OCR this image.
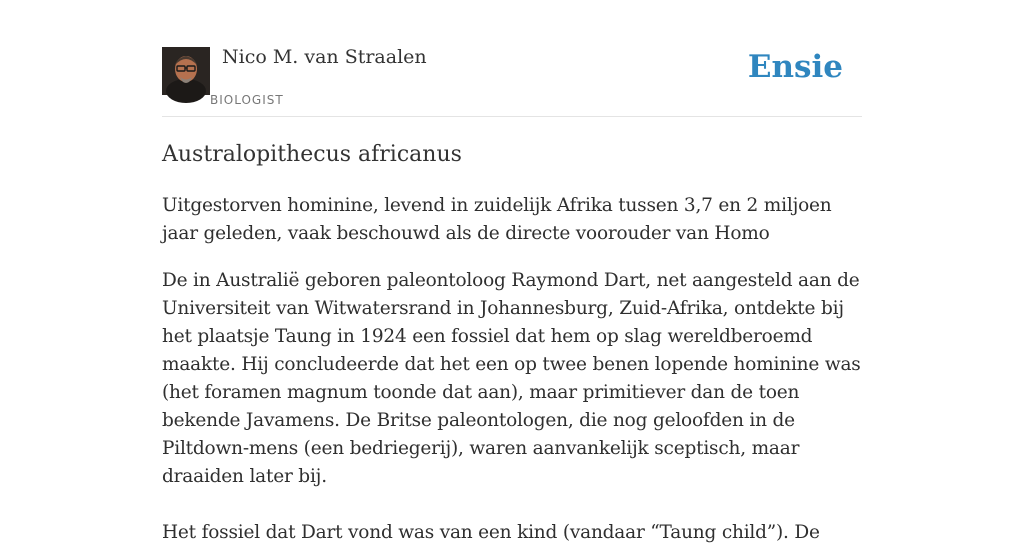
Nico M. van Straalen
BIOLOGIST
Ensie
Australopithecus africanus

Uitgestorven hominine, levend in zuidelijk Afrika tussen 3,7 en 2 miljoen jaar geleden, vaak beschouwd als de directe voorouder van Homo

De in Australië geboren paleontoloog Raymond Dart, net aangesteld aan de Universiteit van Witwatersrand in Johannesburg, Zuid-Afrika, ontdekte bij het plaatsje Taung in 1924 een fossiel dat hem op slag wereldberoemd maakte. Hij concludeerde dat het een op twee benen lopende hominine was (het foramen magnum toonde dat aan), maar primitiever dan de toen bekende Javamens. De Britse paleontologen, die nog geloofden in de Piltdown-mens (een bedriegerij), waren aanvankelijk sceptisch, maar draaiden later bij.

Het fossiel dat Dart vond was van een kind (vandaar “Taung child”). De
